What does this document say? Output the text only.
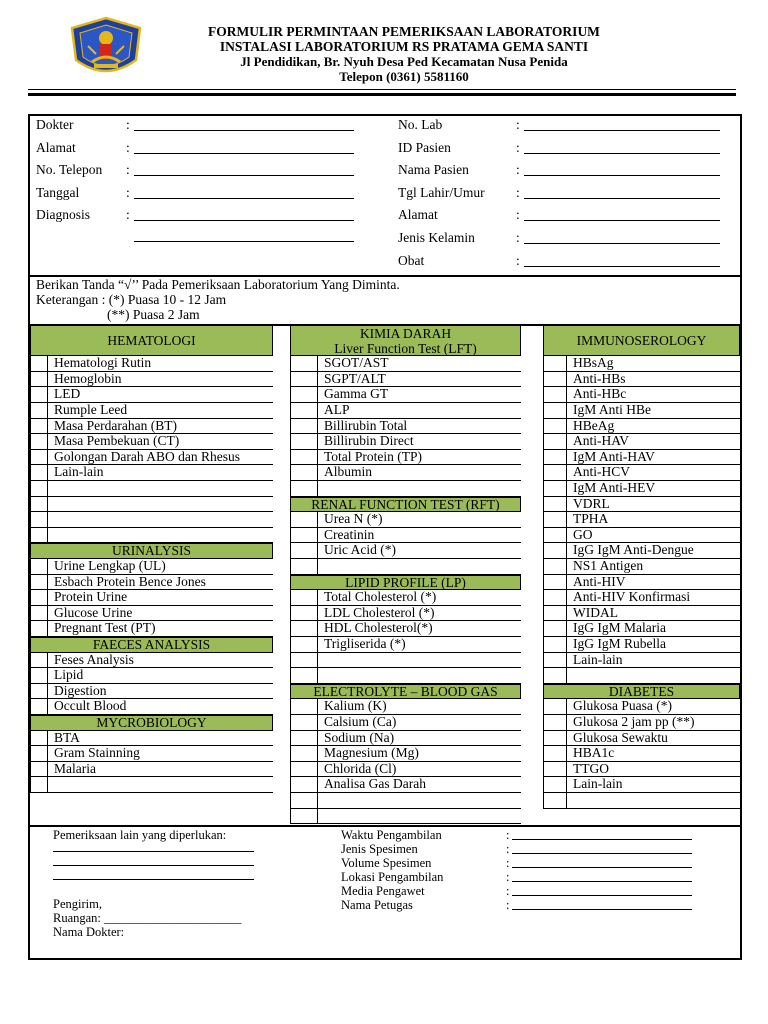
FORMULIR PERMINTAAN PEMERIKSAAN LABORATORIUM
INSTALASI LABORATORIUM RS PRATAMA GEMA SANTI
Jl Pendidikan, Br. Nyuh Desa Ped Kecamatan Nusa Penida
Telepon (0361) 5581160
Dokter	:
Alamat	:
No. Telepon :
Tanggal	:
Diagnosis	:
No. Lab	:
ID Pasien	:
Nama Pasien	:
Tgl Lahir/Umur :
Alamat	:
Jenis Kelamin	:
Obat	:
Berikan Tanda “√’’ Pada Pemeriksaan Laboratorium Yang Diminta.
Keterangan : (*) Puasa 10 - 12 Jam
(**) Puasa 2 Jam
HEMATOLOGI
Hematologi Rutin
Hemoglobin
LED
Rumple Leed
Masa Perdarahan (BT)
Masa Pembekuan (CT)
Golongan Darah ABO dan Rhesus
Lain-lain
URINALYSIS
Urine Lengkap (UL)
Esbach Protein Bence Jones
Protein Urine
Glucose Urine
Pregnant Test (PT)
FAECES ANALYSIS
Feses Analysis
Lipid
Digestion
Occult Blood
MYCROBIOLOGY
BTA
Gram Stainning
Malaria
KIMIA DARAH
Liver Function Test (LFT)
SGOT/AST
SGPT/ALT
Gamma GT
ALP
Billirubin Total
Billirubin Direct
Total Protein (TP)
Albumin
RENAL FUNCTION TEST (RFT)
Urea N (*)
Creatinin
Uric Acid (*)
LIPID PROFILE (LP)
Total Cholesterol (*)
LDL Cholesterol (*)
HDL Cholesterol(*)
Trigliserida (*)
ELECTROLYTE – BLOOD GAS
Kalium (K)
Calsium (Ca)
Sodium (Na)
Magnesium (Mg)
Chlorida (Cl)
Analisa Gas Darah
IMMUNOSEROLOGY
HBsAg
Anti-HBs
Anti-HBc
IgM Anti HBe
HBeAg
Anti-HAV
IgM Anti-HAV
Anti-HCV
IgM Anti-HEV
VDRL
TPHA
GO
IgG IgM Anti-Dengue
NS1 Antigen
Anti-HIV
Anti-HIV Konfirmasi
WIDAL
IgG IgM Malaria
IgG IgM Rubella
Lain-lain
DIABETES
Glukosa Puasa (*)
Glukosa 2 jam pp (**)
Glukosa Sewaktu
HBA1c
TTGO
Lain-lain
Pemeriksaan lain yang diperlukan:
Pengirim,
Ruangan: ______________________
Nama Dokter:
Waktu Pengambilan	:
Jenis Spesimen	:
Volume Spesimen	:
Lokasi Pengambilan	:
Media Pengawet	:
Nama Petugas	:
